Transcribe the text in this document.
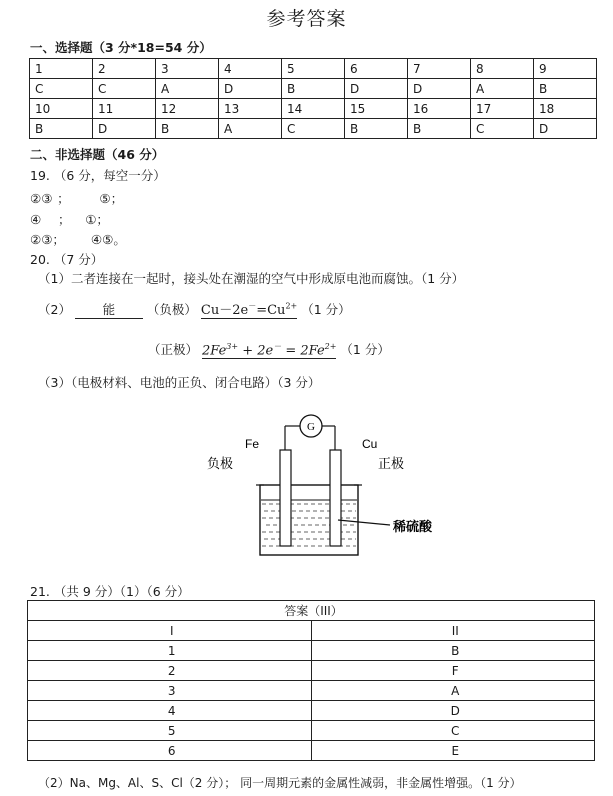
参考答案
一、选择题（3 分*18=54 分）
1	2	3	4	5	6	7	8	9
C	C	A	D	B	D	D	A	B
10	11	12	13	14	15	16	17	18
B	D	B	A	C	B	B	C	D
二、非选择题（46 分）
19. （6 分，每空一分）
②③ ； ⑤；
④ ； ①；
②③； ④⑤。
20. （7 分）
（1）二者连接在一起时，接头处在潮湿的空气中形成原电池而腐蚀。（1 分）
（2）	能	（负极） $Cu-2e^-=Cu^{2+}$ （1 分）
（正极） $2Fe^{3+} + 2e^- = 2Fe^{2+}$ （1 分）
（3）（电极材料、电池的正负、闭合电路）（3 分）
G
Fe	Cu
负极	正极
稀硫酸
21. （共 9 分）（1）（6 分）
答案（III）	
I	II
1	B
2	F
3	A
4	D
5	C
6	E
（2）Na、Mg、Al、S、Cl（2 分）； 同一周期元素的金属性减弱，非金属性增强。（1 分）
